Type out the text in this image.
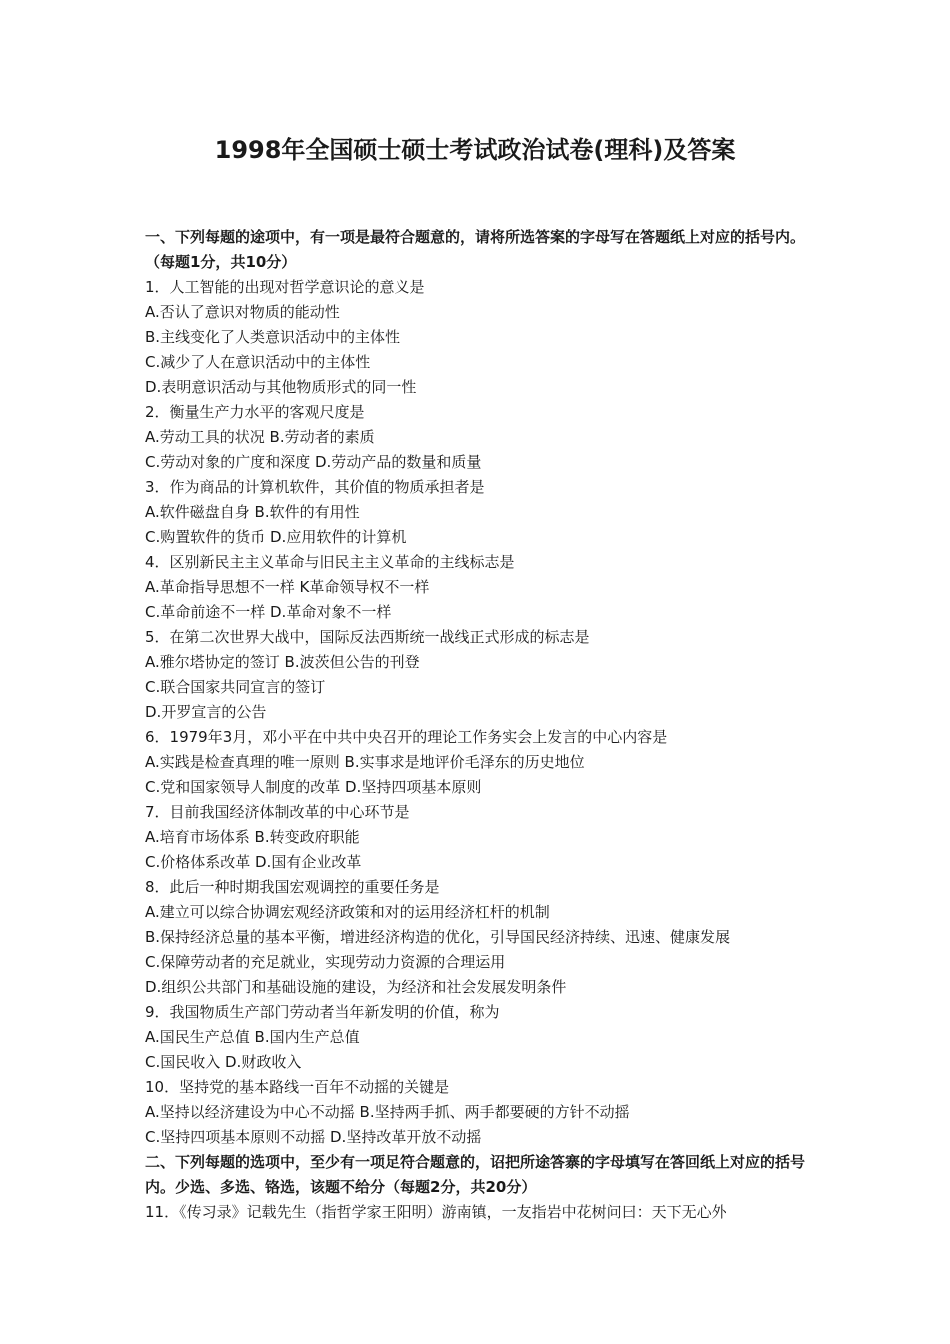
1998年全国硕士硕士考试政治试卷(理科)及答案

一、下列每题的途项中，有一项是最符合题意的，请将所选答案的字母写在答题纸上对应的括号内。（每题1分，共10分）

1．人工智能的出现对哲学意识论的意义是

A.否认了意识对物质的能动性

B.主线变化了人类意识活动中的主体性

C.减少了人在意识活动中的主体性

D.表明意识活动与其他物质形式的同一性

2．衡量生产力水平的客观尺度是

A.劳动工具的状况 B.劳动者的素质

C.劳动对象的广度和深度 D.劳动产品的数量和质量

3．作为商品的计算机软件，其价值的物质承担者是

A.软件磁盘自身 B.软件的有用性

C.购置软件的货币 D.应用软件的计算机

4．区别新民主主义革命与旧民主主义革命的主线标志是

A.革命指导思想不一样 K革命领导权不一样

C.革命前途不一样 D.革命对象不一样

5．在第二次世界大战中，国际反法西斯统一战线正式形成的标志是

A.雅尔塔协定的签订 B.波茨但公告的刊登

C.联合国家共同宣言的签订

D.开罗宣言的公告

6．1979年3月，邓小平在中共中央召开的理论工作务实会上发言的中心内容是

A.实践是检查真理的唯一原则 B.实事求是地评价毛泽东的历史地位

C.党和国家领导人制度的改革 D.坚持四项基本原则

7．目前我国经济体制改革的中心环节是

A.培育市场体系 B.转变政府职能

C.价格体系改革 D.国有企业改革

8．此后一种时期我国宏观调控的重要任务是

A.建立可以综合协调宏观经济政策和对的运用经济杠杆的机制

B.保持经济总量的基本平衡，增进经济构造的优化，引导国民经济持续、迅速、健康发展

C.保障劳动者的充足就业，实现劳动力资源的合理运用

D.组织公共部门和基础设施的建设，为经济和社会发展发明条件

9．我国物质生产部门劳动者当年新发明的价值，称为

A.国民生产总值 B.国内生产总值

C.国民收入 D.财政收入

10．坚持党的基本路线一百年不动摇的关键是

A.坚持以经济建设为中心不动摇 B.坚持两手抓、两手都要硬的方针不动摇

C.坚持四项基本原则不动摇 D.坚持改革开放不动摇

二、下列每题的选项中，至少有一项足符合题意的，诏把所途答寨的字母填写在答回纸上对应的括号内。少选、多选、铬选，该题不给分（每题2分，共20分）

11．《传习录》记载先生（指哲学家王阳明）游南镇，一友指岩中花树问曰：天下无心外
